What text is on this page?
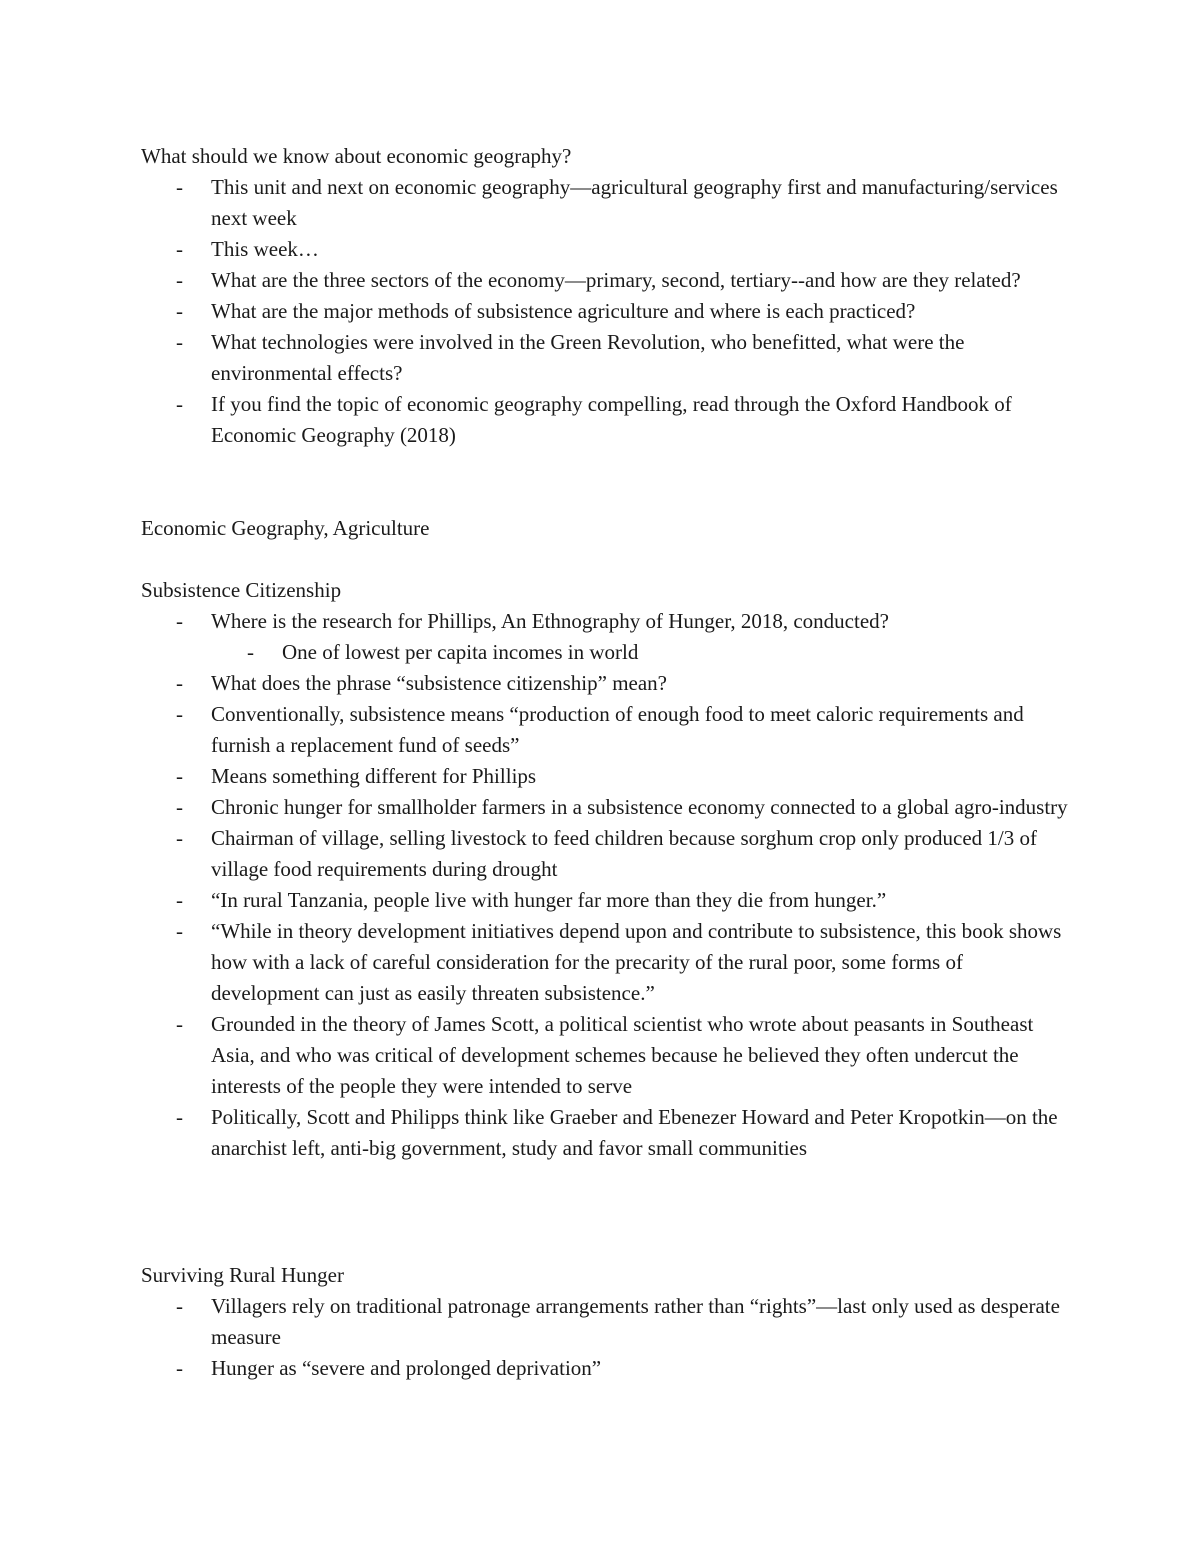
What should we know about economic geography?

- This unit and next on economic geography—agricultural geography first and manufacturing/services next week
- This week…
- What are the three sectors of the economy—primary, second, tertiary--and how are they related?
- What are the major methods of subsistence agriculture and where is each practiced?
- What technologies were involved in the Green Revolution, who benefitted, what were the environmental effects?
- If you find the topic of economic geography compelling, read through the Oxford Handbook of Economic Geography (2018)

Economic Geography, Agriculture

Subsistence Citizenship

- Where is the research for Phillips, An Ethnography of Hunger, 2018, conducted?
- One of lowest per capita incomes in world
- What does the phrase “subsistence citizenship” mean?
- Conventionally, subsistence means “production of enough food to meet caloric requirements and furnish a replacement fund of seeds”
- Means something different for Phillips
- Chronic hunger for smallholder farmers in a subsistence economy connected to a global agro-industry
- Chairman of village, selling livestock to feed children because sorghum crop only produced 1/3 of village food requirements during drought
- “In rural Tanzania, people live with hunger far more than they die from hunger.”
- “While in theory development initiatives depend upon and contribute to subsistence, this book shows how with a lack of careful consideration for the precarity of the rural poor, some forms of development can just as easily threaten subsistence.”
- Grounded in the theory of James Scott, a political scientist who wrote about peasants in Southeast Asia, and who was critical of development schemes because he believed they often undercut the interests of the people they were intended to serve
- Politically, Scott and Philipps think like Graeber and Ebenezer Howard and Peter Kropotkin—on the anarchist left, anti-big government, study and favor small communities

Surviving Rural Hunger

- Villagers rely on traditional patronage arrangements rather than “rights”—last only used as desperate measure
- Hunger as “severe and prolonged deprivation”
